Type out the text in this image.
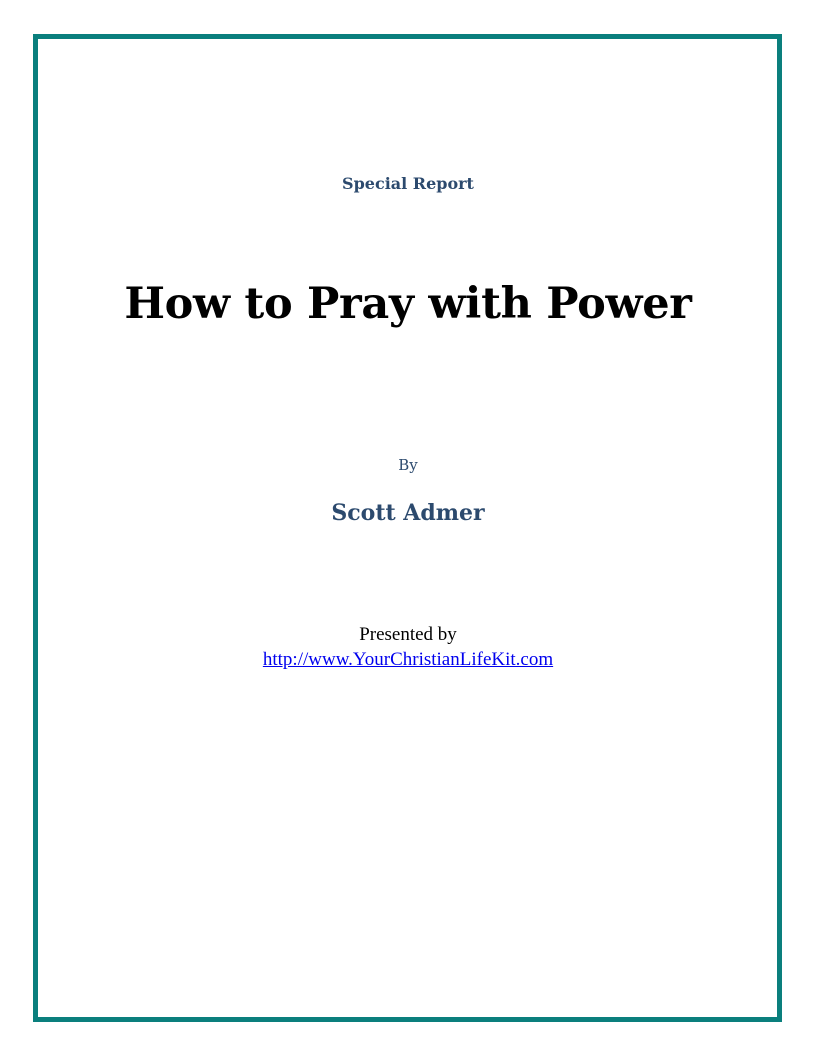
Special Report
How to Pray with Power
By
Scott Admer
Presented by
http://www.YourChristianLifeKit.com
